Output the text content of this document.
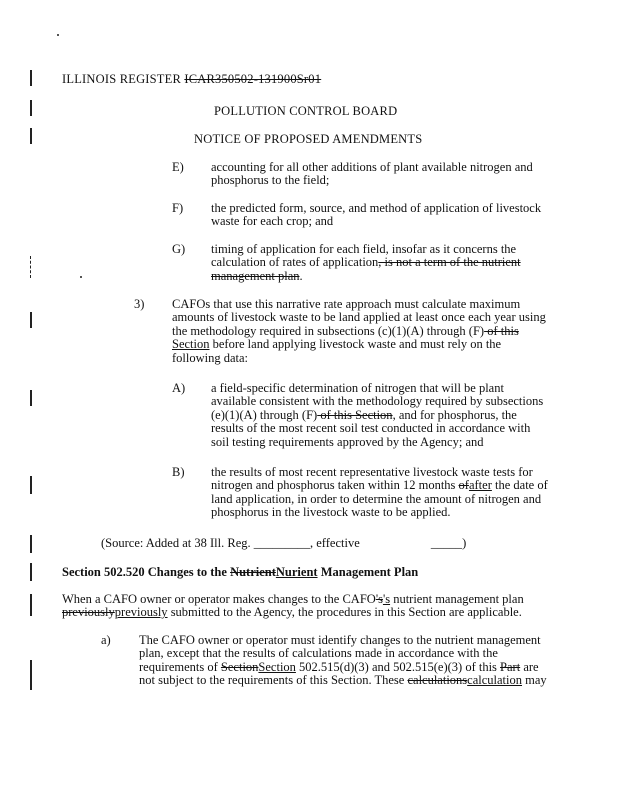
ILLINOIS REGISTER ICAR350502-131900Sr01
POLLUTION CONTROL BOARD
NOTICE OF PROPOSED AMENDMENTS
E) accounting for all other additions of plant available nitrogen and
phosphorus to the field;
F) the predicted form, source, and method of application of livestock
waste for each crop; and
G) timing of application for each field, insofar as it concerns the
calculation of rates of application, is not a term of the nutrient
management plan.
3) CAFOs that use this narrative rate approach must calculate maximum
amounts of livestock waste to be land applied at least once each year using
the methodology required in subsections (c)(1)(A) through (F) of this
Section before land applying livestock waste and must rely on the
following data:
A) a field-specific determination of nitrogen that will be plant
available consistent with the methodology required by subsections
(e)(1)(A) through (F) of this Section, and for phosphorus, the
results of the most recent soil test conducted in accordance with
soil testing requirements approved by the Agency; and
B) the results of most recent representative livestock waste tests for
nitrogen and phosphorus taken within 12 months ofafter the date of
land application, in order to determine the amount of nitrogen and
phosphorus in the livestock waste to be applied.
(Source: Added at 38 Ill. Reg. _________, effective	_____)
Section 502.520 Changes to the NutrientNurient Management Plan
When a CAFO owner or operator makes changes to the CAFO's's nutrient management plan
previouslypreviously submitted to the Agency, the procedures in this Section are applicable.
a) The CAFO owner or operator must identify changes to the nutrient management
plan, except that the results of calculations made in accordance with the
requirements of SectionSection 502.515(d)(3) and 502.515(e)(3) of this Part are
not subject to the requirements of this Section. These calculationscalculation may
